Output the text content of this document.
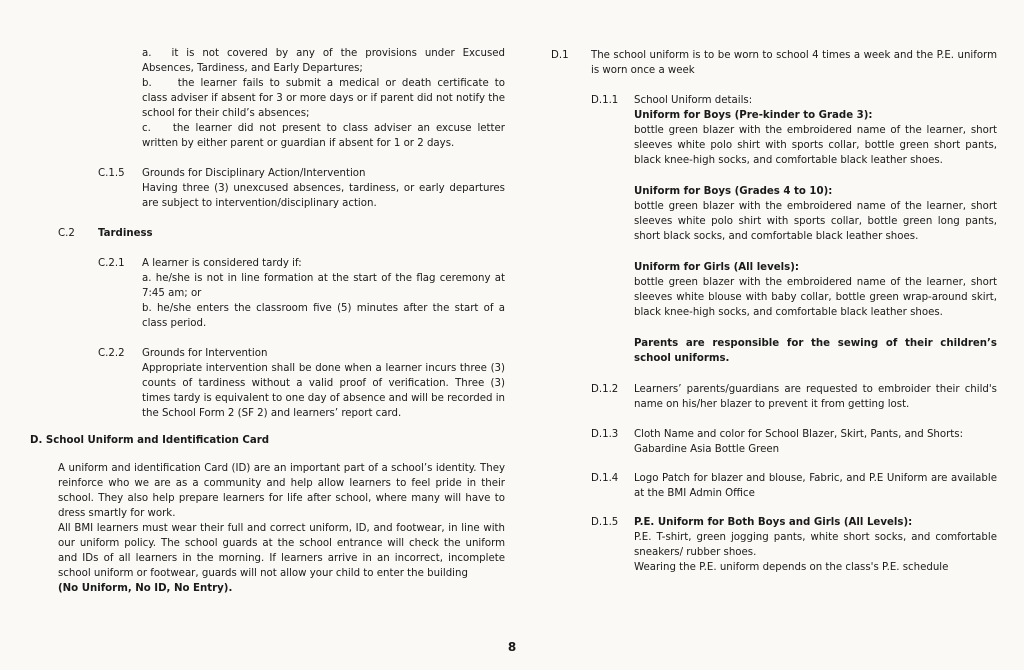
a. it is not covered by any of the provisions under Excused Absences, Tardiness, and Early Departures;

b.	the learner fails to submit a medical or death certificate to class adviser if absent for 3 or more days or if parent did not notify the school for their child’s absences;

c. the learner did not present to class adviser an excuse letter written by either parent or guardian if absent for 1 or 2 days.

C.1.5 Grounds for Disciplinary Action/Intervention

Having three (3) unexcused absences, tardiness, or early departures are subject to intervention/disciplinary action.

C.2 Tardiness
C.2.1 A learner is considered tardy if:

a. he/she is not in line formation at the start of the flag ceremony at 7:45 am; or

b. he/she enters the classroom five (5) minutes after the start of a class period.

C.2.2 Grounds for Intervention

Appropriate intervention shall be done when a learner incurs three (3) counts of tardiness without a valid proof of verification. Three (3) times tardy is equivalent to one day of absence and will be recorded in the School Form 2 (SF 2) and learners’ report card.

D. School Uniform and Identification Card

A uniform and identification Card (ID) are an important part of a school’s identity. They reinforce who we are as a community and help allow learners to feel pride in their school. They also help prepare learners for life after school, where many will have to dress smartly for work.

All BMI learners must wear their full and correct uniform, ID, and footwear, in line with our uniform policy. The school guards at the school entrance will check the uniform and IDs of all learners in the morning. If learners arrive in an incorrect, incomplete school uniform or footwear, guards will not allow your child to enter the building

(No Uniform, No ID, No Entry).

D.1 The school uniform is to be worn to school 4 times a week and the P.E. uniform is worn once a week
D.1.1 School Uniform details:

Uniform for Boys (Pre-kinder to Grade 3):

bottle green blazer with the embroidered name of the learner, short sleeves white polo shirt with sports collar, bottle green short pants, black knee-high socks, and comfortable black leather shoes.

Uniform for Boys (Grades 4 to 10):

bottle green blazer with the embroidered name of the learner, short sleeves white polo shirt with sports collar, bottle green long pants, short black socks, and comfortable black leather shoes.

Uniform for Girls (All levels):

bottle green blazer with the embroidered name of the learner, short sleeves white blouse with baby collar, bottle green wrap-around skirt, black knee-high socks, and comfortable black leather shoes.

Parents are responsible for the sewing of their children’s school uniforms.

D.1.2 Learners’ parents/guardians are requested to embroider their child's name on his/her blazer to prevent it from getting lost.
D.1.3 Cloth Name and color for School Blazer, Skirt, Pants, and Shorts:

Gabardine Asia Bottle Green

D.1.4 Logo Patch for blazer and blouse, Fabric, and P.E Uniform are available at the BMI Admin Office
D.1.5 P.E. Uniform for Both Boys and Girls (All Levels):

P.E. T-shirt, green jogging pants, white short socks, and comfortable sneakers/ rubber shoes.

Wearing the P.E. uniform depends on the class's P.E. schedule

8
